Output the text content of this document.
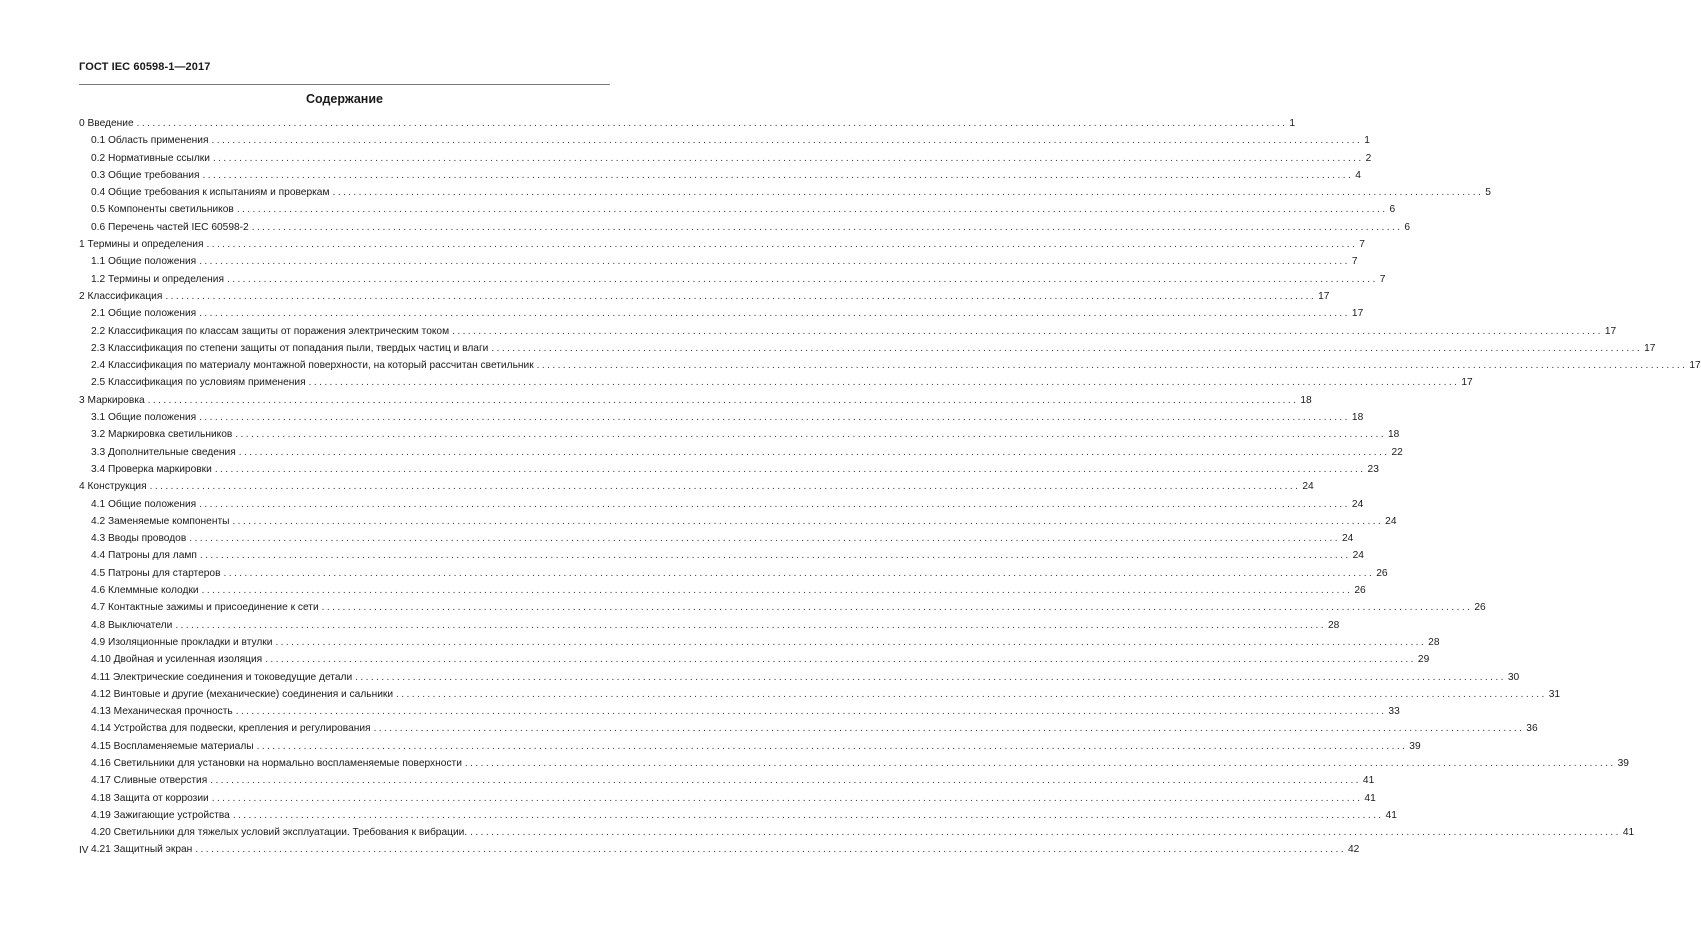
ГОСТ IEC 60598-1—2017
Содержание
0 Введение ............................................................................................................................................................................................................................ 1
0.1 Область применения ............................................................................................................................................................................................................................ 1
0.2 Нормативные ссылки ............................................................................................................................................................................................................................ 2
0.3 Общие требования ............................................................................................................................................................................................................................ 4
0.4 Общие требования к испытаниям и проверкам ............................................................................................................................................................................................................................ 5
0.5 Компоненты светильников ............................................................................................................................................................................................................................ 6
0.6 Перечень частей IEC 60598-2 ............................................................................................................................................................................................................................ 6
1 Термины и определения ............................................................................................................................................................................................................................ 7
1.1 Общие положения ............................................................................................................................................................................................................................ 7
1.2 Термины и определения ............................................................................................................................................................................................................................ 7
2 Классификация ............................................................................................................................................................................................................................ 17
2.1 Общие положения ............................................................................................................................................................................................................................ 17
2.2 Классификация по классам защиты от поражения электрическим током ............................................................................................................................................................................................................................ 17
2.3 Классификация по степени защиты от попадания пыли, твердых частиц и влаги ............................................................................................................................................................................................................................ 17
2.4 Классификация по материалу монтажной поверхности, на который рассчитан светильник ............................................................................................................................................................................................................................ 17
2.5 Классификация по условиям применения ............................................................................................................................................................................................................................ 17
3 Маркировка ............................................................................................................................................................................................................................ 18
3.1 Общие положения ............................................................................................................................................................................................................................ 18
3.2 Маркировка светильников ............................................................................................................................................................................................................................ 18
3.3 Дополнительные сведения ............................................................................................................................................................................................................................ 22
3.4 Проверка маркировки ............................................................................................................................................................................................................................ 23
4 Конструкция ............................................................................................................................................................................................................................ 24
4.1 Общие положения ............................................................................................................................................................................................................................ 24
4.2 Заменяемые компоненты ............................................................................................................................................................................................................................ 24
4.3 Вводы проводов ............................................................................................................................................................................................................................ 24
4.4 Патроны для ламп ............................................................................................................................................................................................................................ 24
4.5 Патроны для стартеров ............................................................................................................................................................................................................................ 26
4.6 Клеммные колодки ............................................................................................................................................................................................................................ 26
4.7 Контактные зажимы и присоединение к сети ............................................................................................................................................................................................................................ 26
4.8 Выключатели ............................................................................................................................................................................................................................ 28
4.9 Изоляционные прокладки и втулки ............................................................................................................................................................................................................................ 28
4.10 Двойная и усиленная изоляция ............................................................................................................................................................................................................................ 29
4.11 Электрические соединения и токоведущие детали ............................................................................................................................................................................................................................ 30
4.12 Винтовые и другие (механические) соединения и сальники ............................................................................................................................................................................................................................ 31
4.13 Механическая прочность ............................................................................................................................................................................................................................ 33
4.14 Устройства для подвески, крепления и регулирования ............................................................................................................................................................................................................................ 36
4.15 Воспламеняемые материалы ............................................................................................................................................................................................................................ 39
4.16 Светильники для установки на нормально воспламеняемые поверхности ............................................................................................................................................................................................................................ 39
4.17 Сливные отверстия ............................................................................................................................................................................................................................ 41
4.18 Защита от коррозии ............................................................................................................................................................................................................................ 41
4.19 Зажигающие устройства ............................................................................................................................................................................................................................ 41
4.20 Светильники для тяжелых условий эксплуатации. Требования к вибрации. ............................................................................................................................................................................................................................ 41
4.21 Защитный экран ............................................................................................................................................................................................................................ 42
IV
